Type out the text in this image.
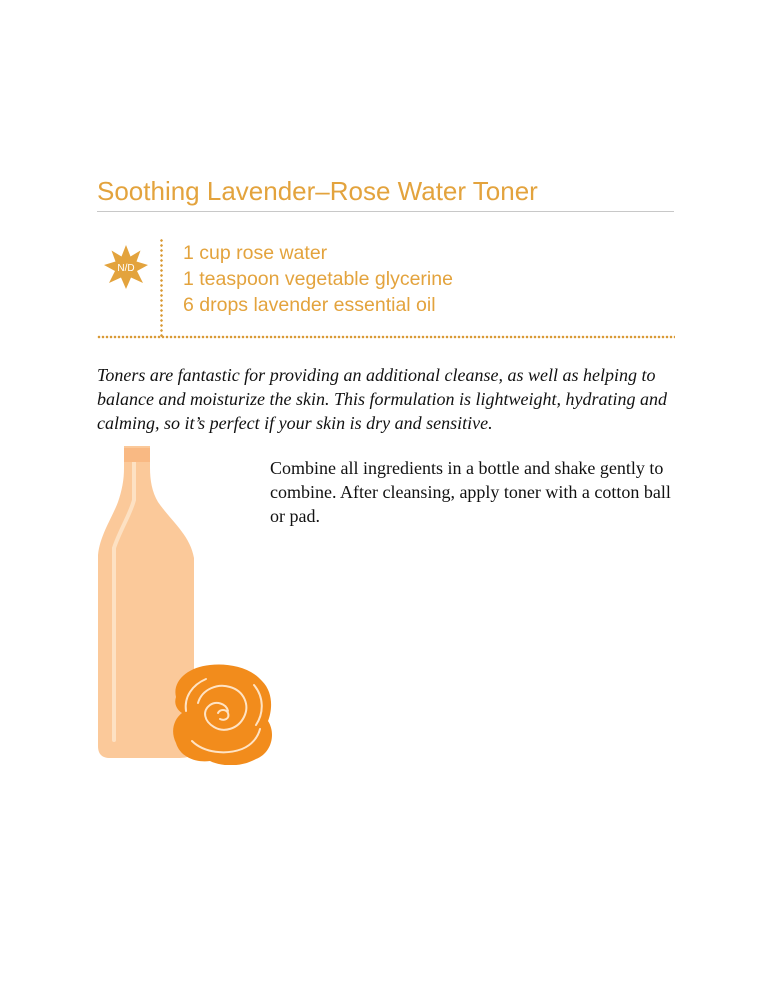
Soothing Lavender–Rose Water Toner
N/D
1 cup rose water
1 teaspoon vegetable glycerine
6 drops lavender essential oil

Toners are fantastic for providing an additional cleanse, as well as helping to balance and moisturize the skin. This formulation is lightweight, hydrating and calming, so it’s perfect if your skin is dry and sensitive.

Combine all ingredients in a bottle and shake gently to combine. After cleansing, apply toner with a cotton ball or pad.
